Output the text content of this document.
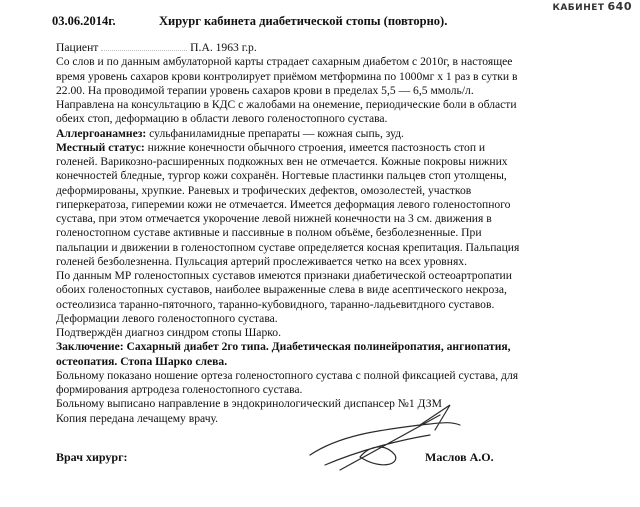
КАБИНЕТ 640
03.06.2014г.	Хирург кабинета диабетической стопы (повторно).
Пациент	П.А. 1963 г.р.
Со слов и по данным амбулаторной карты страдает сахарным диабетом с 2010г, в настоящее
время уровень сахаров крови контролирует приёмом метформина по 1000мг х 1 раз в сутки в
22.00. На проводимой терапии уровень сахаров крови в пределах 5,5 — 6,5 ммоль/л.
Направлена на консультацию в КДС с жалобами на онемение, периодические боли в области
обеих стоп, деформацию в области левого голеностопного сустава.
Аллергоанамнез: сульфаниламидные препараты — кожная сыпь, зуд.
Местный статус: нижние конечности обычного строения, имеется пастозность стоп и
голеней. Варикозно-расширенных подкожных вен не отмечается. Кожные покровы нижних
конечностей бледные, тургор кожи сохранён. Ногтевые пластинки пальцев стоп утолщены,
деформированы, хрупкие. Раневых и трофических дефектов, омозолестей, участков
гиперкератоза, гиперемии кожи не отмечается. Имеется деформация левого голеностопного
сустава, при этом отмечается укорочение левой нижней конечности на 3 см. движения в
голеностопном суставе активные и пассивные в полном объёме, безболезненные. При
пальпации и движении в голеностопном суставе определяется косная крепитация. Пальпация
голеней безболезненна. Пульсация артерий прослеживается четко на всех уровнях.
По данным МР голеностопных суставов имеются признаки диабетической остеоартропатии
обоих голеностопных суставов, наиболее выраженные слева в виде асептического некроза,
остеолизиса таранно-пяточного, таранно-кубовидного, таранно-ладьевитдного суставов.
Деформации левого голеностопного сустава.
Подтверждён диагноз синдром стопы Шарко.
Заключение: Сахарный диабет 2го типа. Диабетическая полинейропатия, ангиопатия,
остеопатия. Стопа Шарко слева.
Больному показано ношение ортеза голеностопного сустава с полной фиксацией сустава, для
формирования артродеза голеностопного сустава.
Больному выписано направление в эндокринологический диспансер №1 ДЗМ
Копия передана лечащему врачу.
Врач хирург:	Маслов А.О.
